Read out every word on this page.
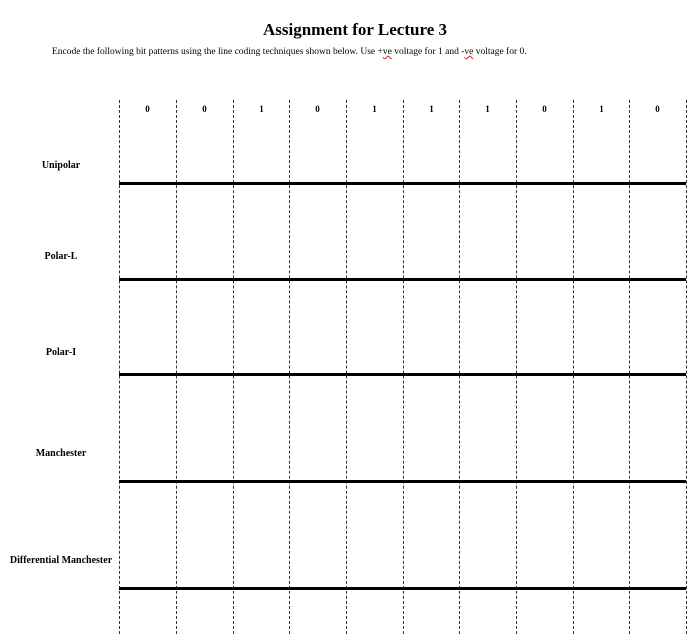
Assignment for Lecture 3
Encode the following bit patterns using the line coding techniques shown below. Use +ve voltage for 1 and -ve voltage for 0.
0	0	1	0	1	1	1	0	1	0
Unipolar
Polar-L
Polar-I
Manchester
Differential Manchester
